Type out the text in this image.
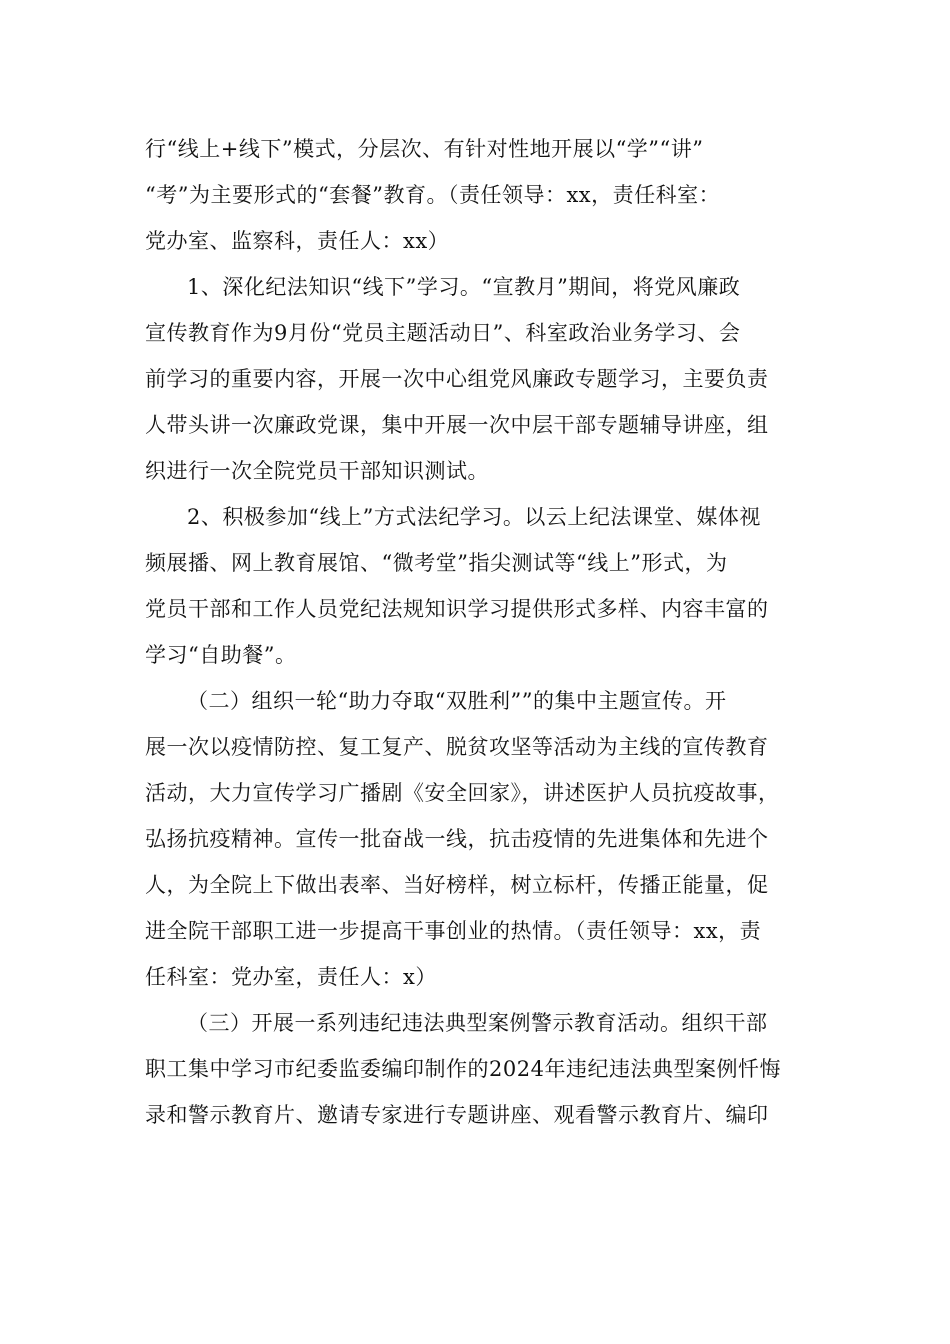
行“线上+线下”模式，分层次、有针对性地开展以“学”“讲”
“考”为主要形式的“套餐”教育。（责任领导：xx，责任科室：
党办室、监察科，责任人：xx）
1、深化纪法知识“线下”学习。“宣教月”期间，将党风廉政
宣传教育作为9月份“党员主题活动日”、科室政治业务学习、会
前学习的重要内容，开展一次中心组党风廉政专题学习，主要负责
人带头讲一次廉政党课，集中开展一次中层干部专题辅导讲座，组
织进行一次全院党员干部知识测试。
2、积极参加“线上”方式法纪学习。以云上纪法课堂、媒体视
频展播、网上教育展馆、“微考堂”指尖测试等“线上”形式，为
党员干部和工作人员党纪法规知识学习提供形式多样、内容丰富的
学习“自助餐”。
（二）组织一轮“助力夺取“双胜利””的集中主题宣传。开
展一次以疫情防控、复工复产、脱贫攻坚等活动为主线的宣传教育
活动，大力宣传学习广播剧《安全回家》，讲述医护人员抗疫故事，
弘扬抗疫精神。宣传一批奋战一线，抗击疫情的先进集体和先进个
人，为全院上下做出表率、当好榜样，树立标杆，传播正能量，促
进全院干部职工进一步提高干事创业的热情。（责任领导：xx，责
任科室：党办室，责任人：x）
（三）开展一系列违纪违法典型案例警示教育活动。组织干部
职工集中学习市纪委监委编印制作的2024年违纪违法典型案例忏悔
录和警示教育片、邀请专家进行专题讲座、观看警示教育片、编印
